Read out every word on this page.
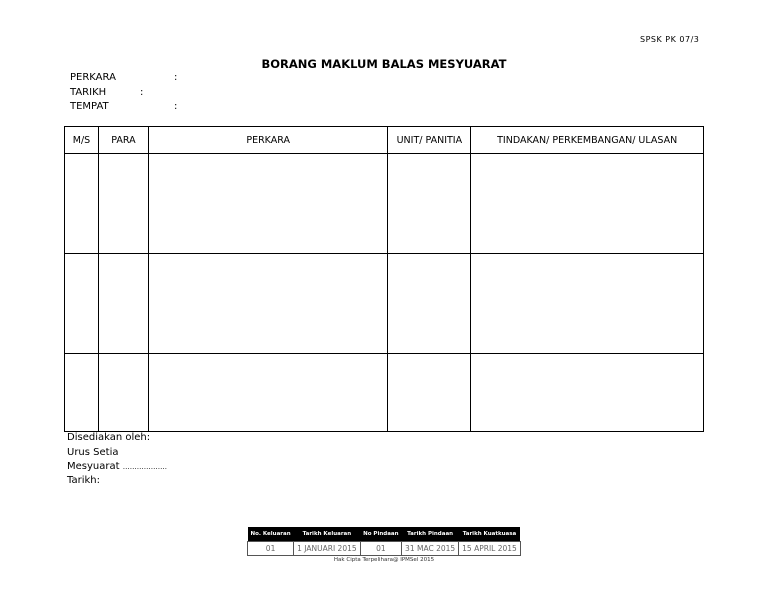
SPSK PK 07/3
BORANG MAKLUM BALAS MESYUARAT
PERKARA	:
TARIKH	:
TEMPAT	:
M/S	PARA	PERKARA	UNIT/ PANITIA	TINDAKAN/ PERKEMBANGAN/ ULASAN

Disediakan oleh:
Urus Setia
Mesyuarat ……………….
Tarikh:
No. Keluaran	Tarikh Keluaran	No Pindaan	Tarikh Pindaan	Tarikh Kuatkuasa
01	1 JANUARI 2015	01	31 MAC 2015	15 APRIL 2015
Hak Cipta Terpelihara@ IPMSel 2015
